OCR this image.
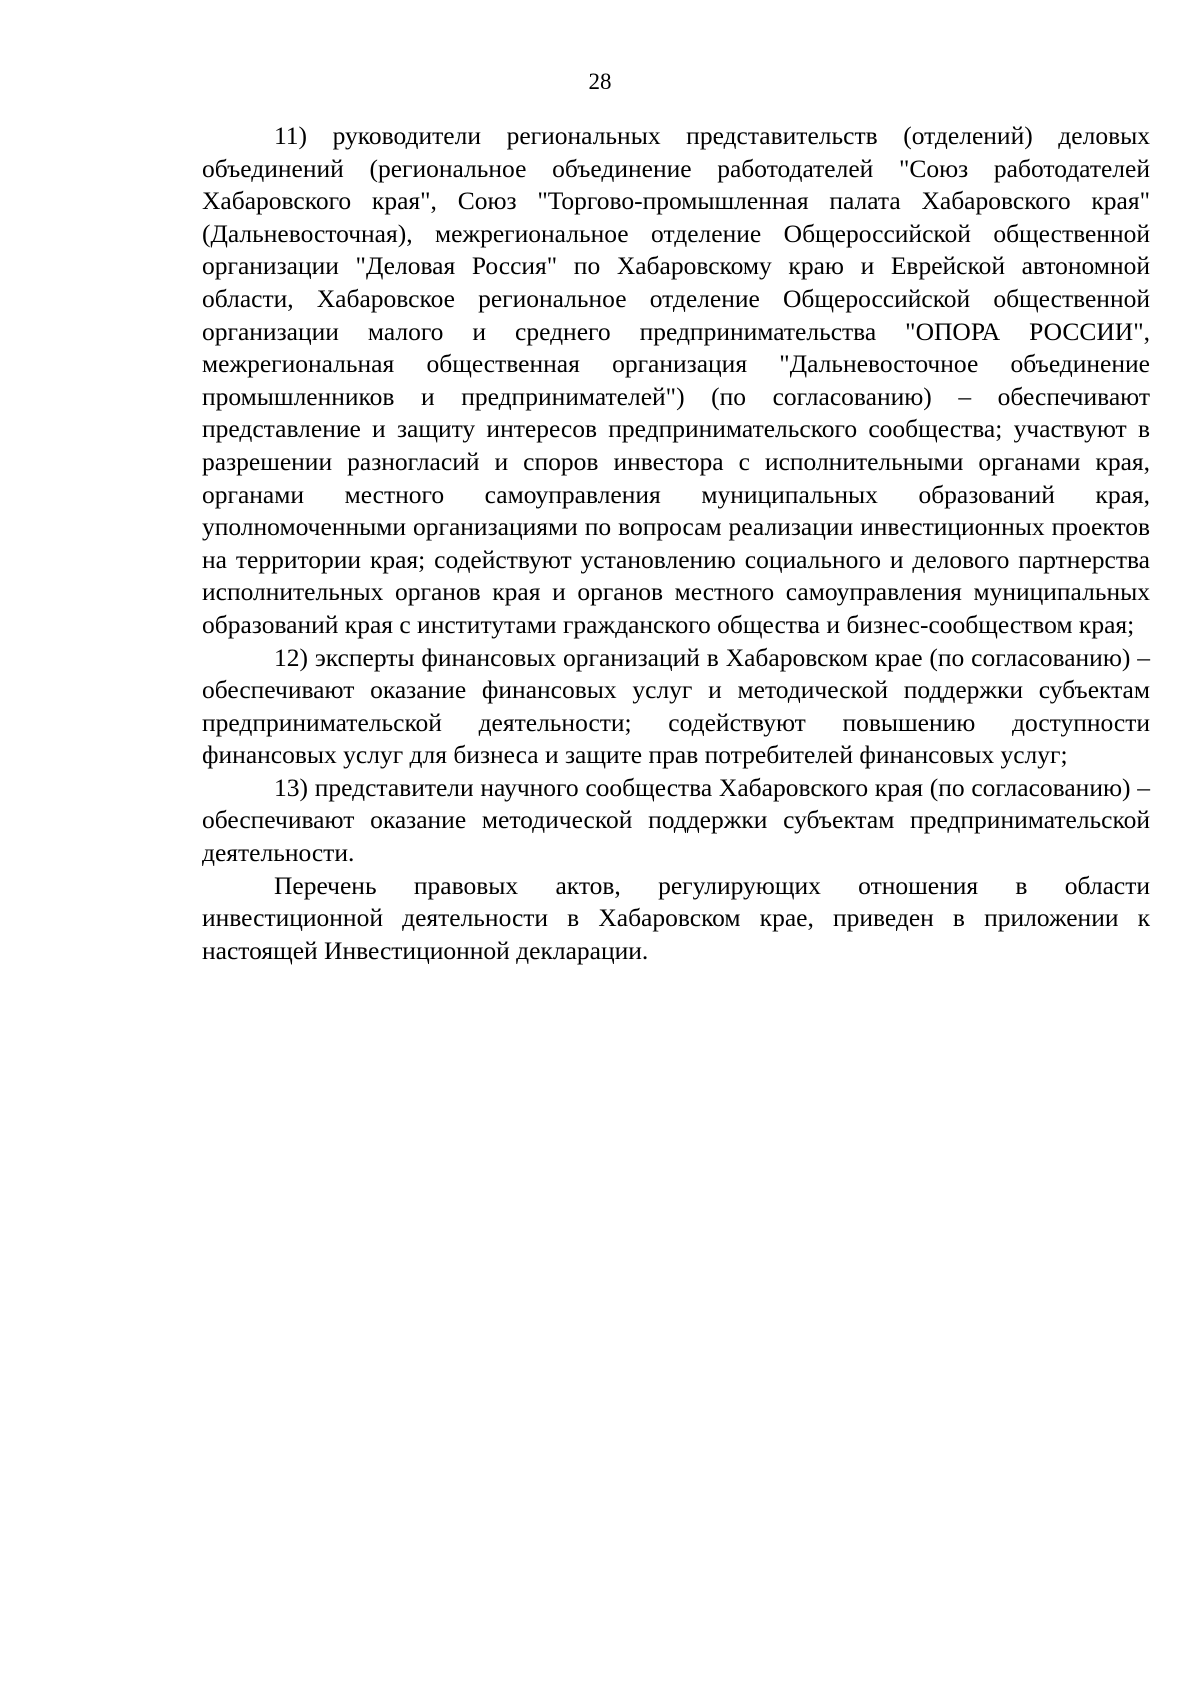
28

11) руководители региональных представительств (отделений) деловых объединений (региональное объединение работодателей "Союз работодателей Хабаровского края", Союз "Торгово-промышленная палата Хабаровского края" (Дальневосточная), межрегиональное отделение Общероссийской общественной организации "Деловая Россия" по Хабаровскому краю и Еврейской автономной области, Хабаровское региональное отделение Общероссийской общественной организации малого и среднего предпринимательства "ОПОРА РОССИИ", межрегиональная общественная организация "Дальневосточное объединение промышленников и предпринимателей") (по согласованию) – обеспечивают представление и защиту интересов предпринимательского сообщества; участвуют в разрешении разногласий и споров инвестора с исполнительными органами края, органами местного самоуправления муниципальных образований края, уполномоченными организациями по вопросам реализации инвестиционных проектов на территории края; содействуют установлению социального и делового партнерства исполнительных органов края и органов местного самоуправления муниципальных образований края с институтами гражданского общества и бизнес-сообществом края;

12) эксперты финансовых организаций в Хабаровском крае (по согласованию) – обеспечивают оказание финансовых услуг и методической поддержки субъектам предпринимательской деятельности; содействуют повышению доступности финансовых услуг для бизнеса и защите прав потребителей финансовых услуг;

13) представители научного сообщества Хабаровского края (по согласованию) – обеспечивают оказание методической поддержки субъектам предпринимательской деятельности.

Перечень правовых актов, регулирующих отношения в области инвестиционной деятельности в Хабаровском крае, приведен в приложении к настоящей Инвестиционной декларации.
